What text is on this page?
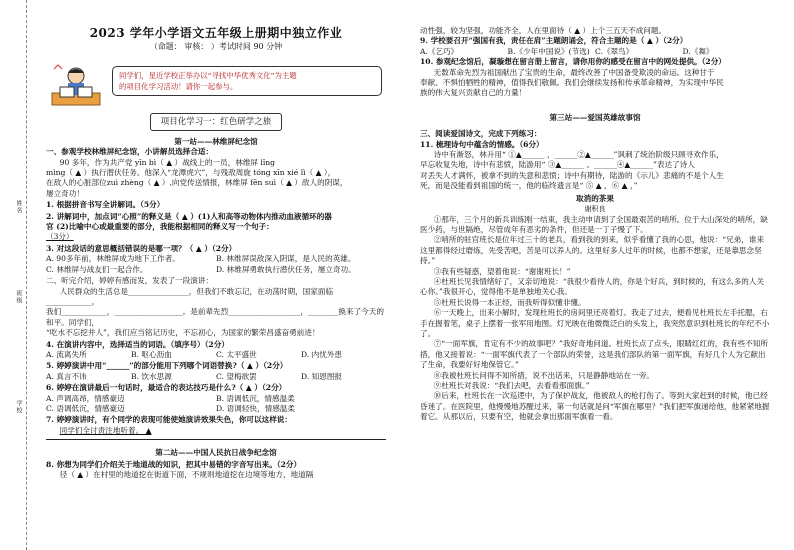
姓名
班级
学校
2023 学年小学语文五年级上册期中独立作业
（命题： 审核： ）考试时间 90 分钟
同学们，星近学校正举办以“寻找中华优秀文化”为主题
的项目化学习活动！请你一起参与。
项目化学习一：红色研学之旅
第一站——林维屏纪念馆

一、参观学校林维屏纪念馆，小讲解员选择合适：

90 多年，作为共产党 yīn bì（ ▲ ）战线上的一员，林维屏 lǐng

mìng（ ▲ ）执行潜伏任务。他深入“龙潭虎穴”，与残敌周旋 tóng xīn xié lì（ ▲ ），

在敌人的心脏部位zuì zhèng（ ▲ ）,向党传送情报，林维屏 fēn suì（ ▲ ）敌人的阴谋，

屡立奇功！

1. 根据拼音书写全讲解词。（5分）

2. 讲解词中，加点词“心照”的释义是（ ▲ ）(1)人和高等动物体内推动血液循环的器

官 (2)比喻中心或最重要的部分，我能根据相同的释义写一个句子：

（3分）

3. 对这段话的意思概括错误的是哪一项？（ ▲ ）（2分）

A. 90多年前，林维屏成为地下工作者。	B. 林维屏误敌深入阴谋，是人民的英雄。
C. 林维屏与战友们一起合作。	D. 林维屏勇敢执行潜伏任务，屡立奇功。

二、听完介绍，婷婷有感而发，发表了一段演讲：

人民群众的生活总是________________，但我们不敢忘记，在动荡时期，国家面临____________，

我们____________，__________________。是前辈先烈___________________，________换来了今天的和平。同学们，

“吃水不忘挖井人”，我们应当铭记历史，不忘初心，为国家的繁荣昌盛奋勇前进！

4. 在演讲内容中，选择适当的词语。（填序号）（2分）

A. 流离失所	B. 呕心沥血	C. 太平盛世	D. 内忧外患

5. 婷婷演讲中用“______”的部分能用下列哪个词语替换?（ ▲ ）（2分）

A. 真言不讳	B. 饮水思源	C. 望梅欲罢	D. 知恩图报

6. 婷婷在演讲最后一句话时，最适合的表达技巧是什么?（ ▲ ）（2分）

A. 声调高昂，情感豪迈	B. 语调低沉，情感温柔
C. 语调低沉，情感豪迈	D. 语调轻快，情感温柔

7. 婷婷演讲时，有个同学的表现可能使她演讲效果失色，你可以这样说：

同学们全讨责注地听着。 ▲

第二站——中国人民抗日战争纪念馆

8. 你想为同学们介绍关于地道战的知识，把其中易错的字音写出来。（2分）

径（ ▲ ）在村里的地道挖在街道下面，不规则地道挖在边境等地方，地道隔

动性强，较为坚强，功能齐全，人在里面待（ ▲ ）上个三五天不成问题。

9. 学校要召开“强国有我，责任在肩”主题朗诵会，符合主题的是（ ▲ ）（2分）

A.《乞巧》	B.《少年中国说》(节选) C.《翠鸟》	D.《舞》

10. 参观纪念馆后，凝璇想在留言册上留言，请你用你的感受在留言中的网处提供。（2分）

无数革命先烈为祖国献出了宝贵的生命，最终改善了中国备受欺凌的命运。这种甘于

奉献、不惧怕牺牲的精神，值得我们敬佩。我们会继续发扬和传承革命精神，为实现中华民

族的伟大复兴贡献自己的力量！

第三站——爱国英雄故事馆

三、阅读爱国诗文，完成下列练习：

11. 梳理诗句中蕴含的情感。（6分）

诗中有渐怒，林升用“ ①▲______ ，______②▲______”讽刺了统治阶级只顾寻欢作乐，

早忘收复失地，诗中有悲愤，陆游用“ ③▲______ 、______④▲______”表达了诗人

对丢失人才满怀，被拿不到的失意和悲愤；诗中有期待，陆游的《示儿》悲痛的不是个人生

死，而是没能看到祖国的统一，他的临终遗言是“ ⑤ ▲ ，⑥ ▲ ，”

取消的茶果
谢积良

①那年，三个月的新兵训练刚一结束，我主动申请到了全国最艰苦的哨所。位于大山深处的哨所，缺医少药，与世隔绝，尽管成年有恶劣的条件，但还是一丁子慢了下。

②哨所的驻官班长是位年过三十的老兵，看到我的到来，似乎看懂了我的心思，他说：“兄弟，谁来这里都得经过磨炼，先受苦吧，苦是可以养人的。这里好多人过年的时候，也都不想家，还是靠思念坚持。”

③我有些疑惑，望着他说：“谢谢班长！”

④杜班长见我情绪好了，又亲切地说：“我很少看待人的，你是个好兵，到时候的，有这么多的人关心你。”我很开心，觉得他不是单独地关心我。

⑤杜班长说得一本正经，而我听得似懂非懂。

⑥一天晚上，出来小解时，发现杜班长的房间里还亮着灯。我走了过去，便看见杜班长左手托腮，右手在握着笔，桌子上摆着一张军用地图。灯光映在他微微泛白的头发上，我突然意识到杜班长的年纪不小了。

⑦“一面军旗，肯定有不少的故事吧？”我好奇地问道。杜班长点了点头，眼睛红红的，我有些不知所措，他又接着说：“一面军旗代表了一个部队的荣誉，这是我们部队的第一面军旗，有好几个人为它献出了生命，我要好好地保管它。”

⑧我被杜班长问得不知所措，说不出话来，只是静静地站在一旁。

⑨杜班长对我说：“我们去吧，去看看那面旗。”

⑩后来，杜班长在一次巡逻中，为了保护战友，他被敌人的枪打伤了。等到大家赶到的时候，他已经昏迷了。在医院里，他慢慢地苏醒过来，第一句话就是问“军旗在哪里？”我们把军旗递给他，他紧紧地握着它。从那以后，只要有空，他就会拿出那面军旗看一看。
